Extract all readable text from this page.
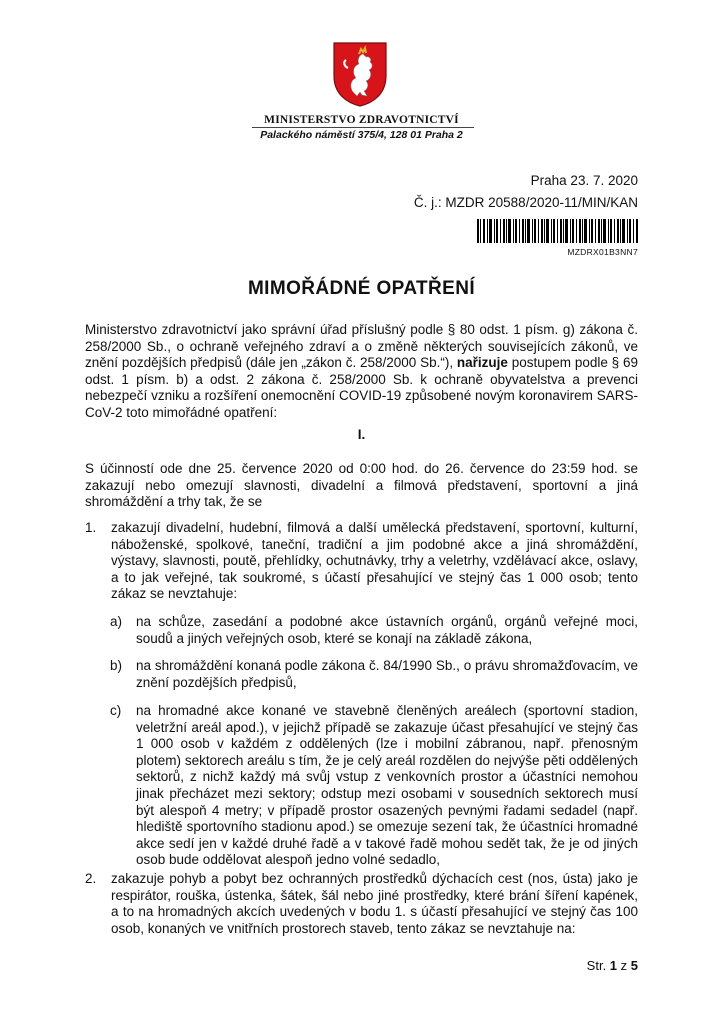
MINISTERSTVO ZDRAVOTNICTVÍ
Palackého náměstí 375/4, 128 01 Praha 2
Praha 23. 7. 2020
Č. j.: MZDR 20588/2020-11/MIN/KAN
MZDRX01B3NN7
MIMOŘÁDNÉ OPATŘENÍ
Ministerstvo zdravotnictví jako správní úřad příslušný podle § 80 odst. 1 písm. g) zákona č. 258/2000 Sb., o ochraně veřejného zdraví a o změně některých souvisejících zákonů, ve znění pozdějších předpisů (dále jen „zákon č. 258/2000 Sb.“), nařizuje postupem podle § 69 odst. 1 písm. b) a odst. 2 zákona č. 258/2000 Sb. k ochraně obyvatelstva a prevenci nebezpečí vzniku a rozšíření onemocnění COVID-19 způsobené novým koronavirem SARS-CoV-2 toto mimořádné opatření:
I.
S účinností ode dne 25. července 2020 od 0:00 hod. do 26. července do 23:59 hod. se zakazují nebo omezují slavnosti, divadelní a filmová představení, sportovní a jiná shromáždění a trhy tak, že se
1. zakazují divadelní, hudební, filmová a další umělecká představení, sportovní, kulturní, náboženské, spolkové, taneční, tradiční a jim podobné akce a jiná shromáždění, výstavy, slavnosti, poutě, přehlídky, ochutnávky, trhy a veletrhy, vzdělávací akce, oslavy, a to jak veřejné, tak soukromé, s účastí přesahující ve stejný čas 1 000 osob; tento zákaz se nevztahuje:
a) na schůze, zasedání a podobné akce ústavních orgánů, orgánů veřejné moci, soudů a jiných veřejných osob, které se konají na základě zákona,
b) na shromáždění konaná podle zákona č. 84/1990 Sb., o právu shromažďovacím, ve znění pozdějších předpisů,
c) na hromadné akce konané ve stavebně členěných areálech (sportovní stadion, veletržní areál apod.), v jejichž případě se zakazuje účast přesahující ve stejný čas 1 000 osob v každém z oddělených (lze i mobilní zábranou, např. přenosným plotem) sektorech areálu s tím, že je celý areál rozdělen do nejvýše pěti oddělených sektorů, z nichž každý má svůj vstup z venkovních prostor a účastníci nemohou jinak přecházet mezi sektory; odstup mezi osobami v sousedních sektorech musí být alespoň 4 metry; v případě prostor osazených pevnými řadami sedadel (např. hlediště sportovního stadionu apod.) se omezuje sezení tak, že účastníci hromadné akce sedí jen v každé druhé řadě a v takové řadě mohou sedět tak, že je od jiných osob bude oddělovat alespoň jedno volné sedadlo,
2. zakazuje pohyb a pobyt bez ochranných prostředků dýchacích cest (nos, ústa) jako je respirátor, rouška, ústenka, šátek, šál nebo jiné prostředky, které brání šíření kapének, a to na hromadných akcích uvedených v bodu 1. s účastí přesahující ve stejný čas 100 osob, konaných ve vnitřních prostorech staveb, tento zákaz se nevztahuje na:
Str. 1 z 5
